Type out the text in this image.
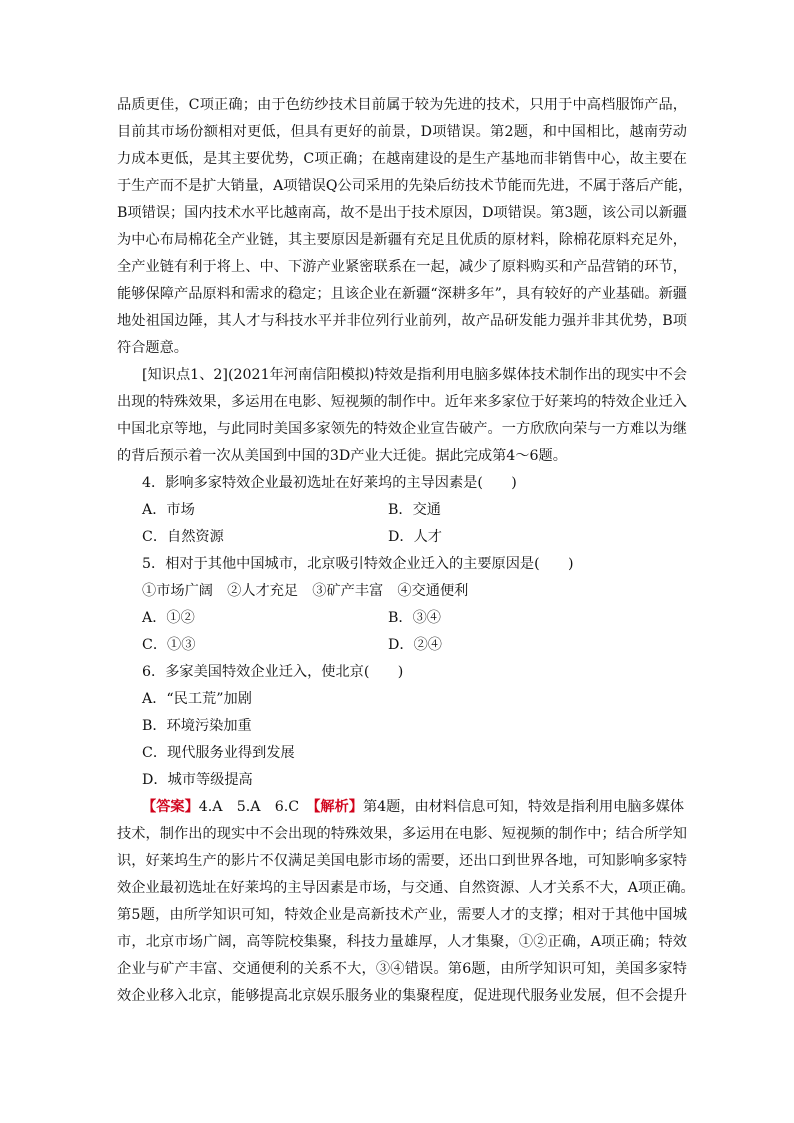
品质更佳，C项正确；由于色纺纱技术目前属于较为先进的技术，只用于中高档服饰产品，
目前其市场份额相对更低，但具有更好的前景，D项错误。第2题，和中国相比，越南劳动
力成本更低，是其主要优势，C项正确；在越南建设的是生产基地而非销售中心，故主要在
于生产而不是扩大销量，A项错误Q公司采用的先染后纺技术节能而先进，不属于落后产能，
B项错误；国内技术水平比越南高，故不是出于技术原因，D项错误。第3题，该公司以新疆
为中心布局棉花全产业链，其主要原因是新疆有充足且优质的原材料，除棉花原料充足外，
全产业链有利于将上、中、下游产业紧密联系在一起，减少了原料购买和产品营销的环节，
能够保障产品原料和需求的稳定；且该企业在新疆“深耕多年”，具有较好的产业基础。新疆
地处祖国边陲，其人才与科技水平并非位列行业前列，故产品研发能力强并非其优势，B项
符合题意。
[知识点1、2](2021年河南信阳模拟)特效是指利用电脑多媒体技术制作出的现实中不会
出现的特殊效果，多运用在电影、短视频的制作中。近年来多家位于好莱坞的特效企业迁入
中国北京等地，与此同时美国多家领先的特效企业宣告破产。一方欣欣向荣与一方难以为继
的背后预示着一次从美国到中国的3D产业大迁徙。据此完成第4～6题。
4．影响多家特效企业最初选址在好莱坞的主导因素是(　　)
A．市场	B．交通
C．自然资源	D．人才
5．相对于其他中国城市，北京吸引特效企业迁入的主要原因是(　　)
①市场广阔　②人才充足　③矿产丰富　④交通便利
A．①②	B．③④
C．①③	D．②④
6．多家美国特效企业迁入，使北京(　　)
A．“民工荒”加剧
B．环境污染加重
C．现代服务业得到发展
D．城市等级提高
【答案】4.A　5.A　6.C　【解析】第4题，由材料信息可知，特效是指利用电脑多媒体
技术，制作出的现实中不会出现的特殊效果，多运用在电影、短视频的制作中；结合所学知
识，好莱坞生产的影片不仅满足美国电影市场的需要，还出口到世界各地，可知影响多家特
效企业最初选址在好莱坞的主导因素是市场，与交通、自然资源、人才关系不大，A项正确。
第5题，由所学知识可知，特效企业是高新技术产业，需要人才的支撑；相对于其他中国城
市，北京市场广阔，高等院校集聚，科技力量雄厚，人才集聚，①②正确，A项正确；特效
企业与矿产丰富、交通便利的关系不大，③④错误。第6题，由所学知识可知，美国多家特
效企业移入北京，能够提高北京娱乐服务业的集聚程度，促进现代服务业发展，但不会提升
